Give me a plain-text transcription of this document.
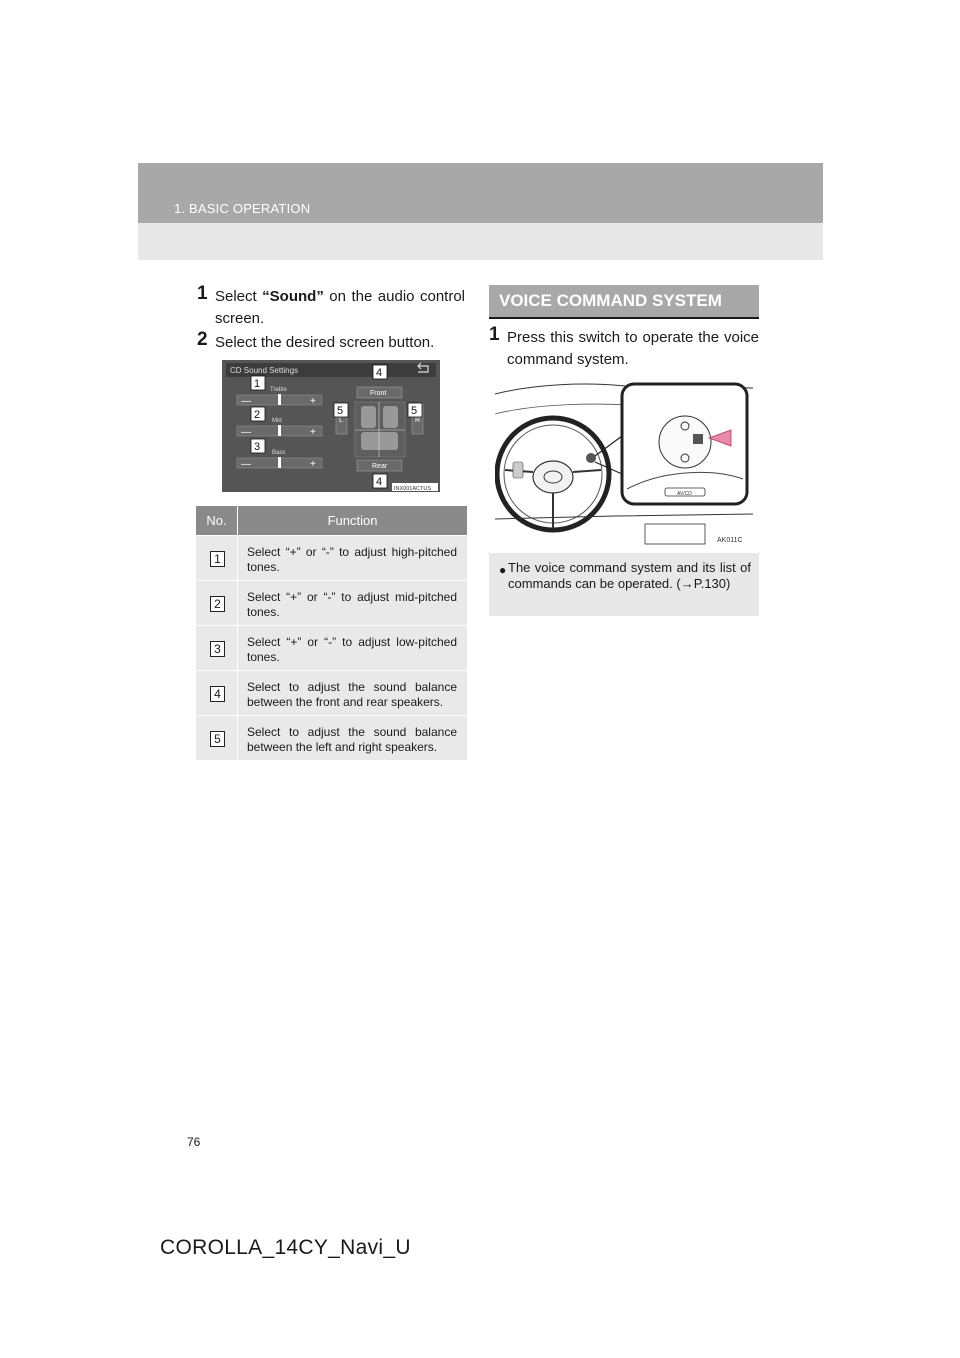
1. BASIC OPERATION
1 Select “Sound” on the audio control screen.
2 Select the desired screen button.
CD Sound Settings
Treble
—	+
Mid
—	+
Bass
—	+
Front
L	R
Rear
INX001ACTUS
1
2
3
4
5	5
4
No.	Function
1	Select “+” or “-” to adjust high-pitched tones.
2	Select “+” or “-” to adjust mid-pitched tones.
3	Select “+” or “-” to adjust low-pitched tones.
4	Select to adjust the sound balance between the front and rear speakers.
5	Select to adjust the sound balance between the left and right speakers.
VOICE COMMAND SYSTEM
1 Press this switch to operate the voice command system.
AV/CD
AK011C
● The voice command system and its list of commands can be operated. (→P.130)
76
COROLLA_14CY_Navi_U
